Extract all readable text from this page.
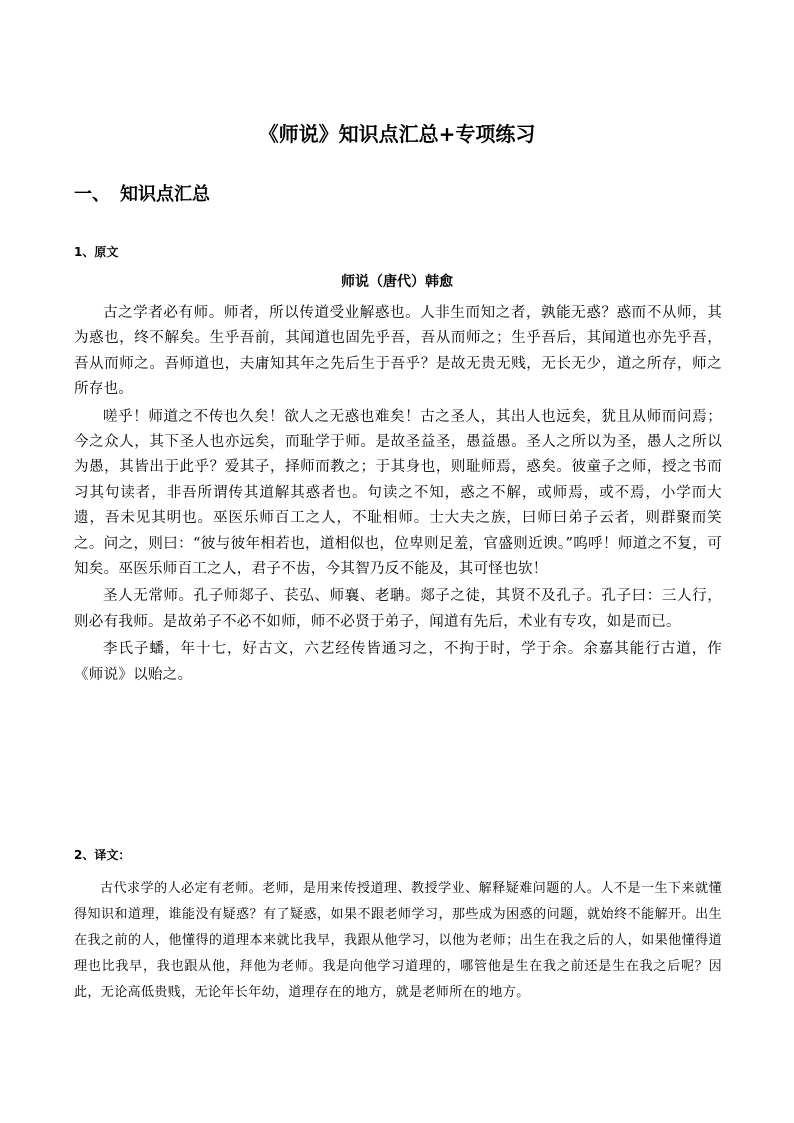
《师说》知识点汇总+专项练习
一、 知识点汇总
1、原文
师说（唐代）韩愈

古之学者必有师。师者，所以传道受业解惑也。人非生而知之者，孰能无惑？惑而不从师，其为惑也，终不解矣。生乎吾前，其闻道也固先乎吾，吾从而师之；生乎吾后，其闻道也亦先乎吾，吾从而师之。吾师道也，夫庸知其年之先后生于吾乎？是故无贵无贱，无长无少，道之所存，师之所存也。

嗟乎！师道之不传也久矣！欲人之无惑也难矣！古之圣人，其出人也远矣，犹且从师而问焉；今之众人，其下圣人也亦远矣，而耻学于师。是故圣益圣，愚益愚。圣人之所以为圣，愚人之所以为愚，其皆出于此乎？爱其子，择师而教之；于其身也，则耻师焉，惑矣。彼童子之师，授之书而习其句读者，非吾所谓传其道解其惑者也。句读之不知，惑之不解，或师焉，或不焉，小学而大遗，吾未见其明也。巫医乐师百工之人，不耻相师。士大夫之族，曰师曰弟子云者，则群聚而笑之。问之，则曰：“彼与彼年相若也，道相似也，位卑则足羞，官盛则近谀。”呜呼！师道之不复，可知矣。巫医乐师百工之人，君子不齿，今其智乃反不能及，其可怪也欤！

圣人无常师。孔子师郯子、苌弘、师襄、老聃。郯子之徒，其贤不及孔子。孔子曰：三人行，则必有我师。是故弟子不必不如师，师不必贤于弟子，闻道有先后，术业有专攻，如是而已。

李氏子蟠，年十七，好古文，六艺经传皆通习之，不拘于时，学于余。余嘉其能行古道，作《师说》以贻之。

2、译文：

古代求学的人必定有老师。老师，是用来传授道理、教授学业、解释疑难问题的人。人不是一生下来就懂得知识和道理，谁能没有疑惑？有了疑惑，如果不跟老师学习，那些成为困惑的问题，就始终不能解开。出生在我之前的人，他懂得的道理本来就比我早，我跟从他学习，以他为老师；出生在我之后的人，如果他懂得道理也比我早，我也跟从他，拜他为老师。我是向他学习道理的，哪管他是生在我之前还是生在我之后呢？因此，无论高低贵贱，无论年长年幼，道理存在的地方，就是老师所在的地方。
